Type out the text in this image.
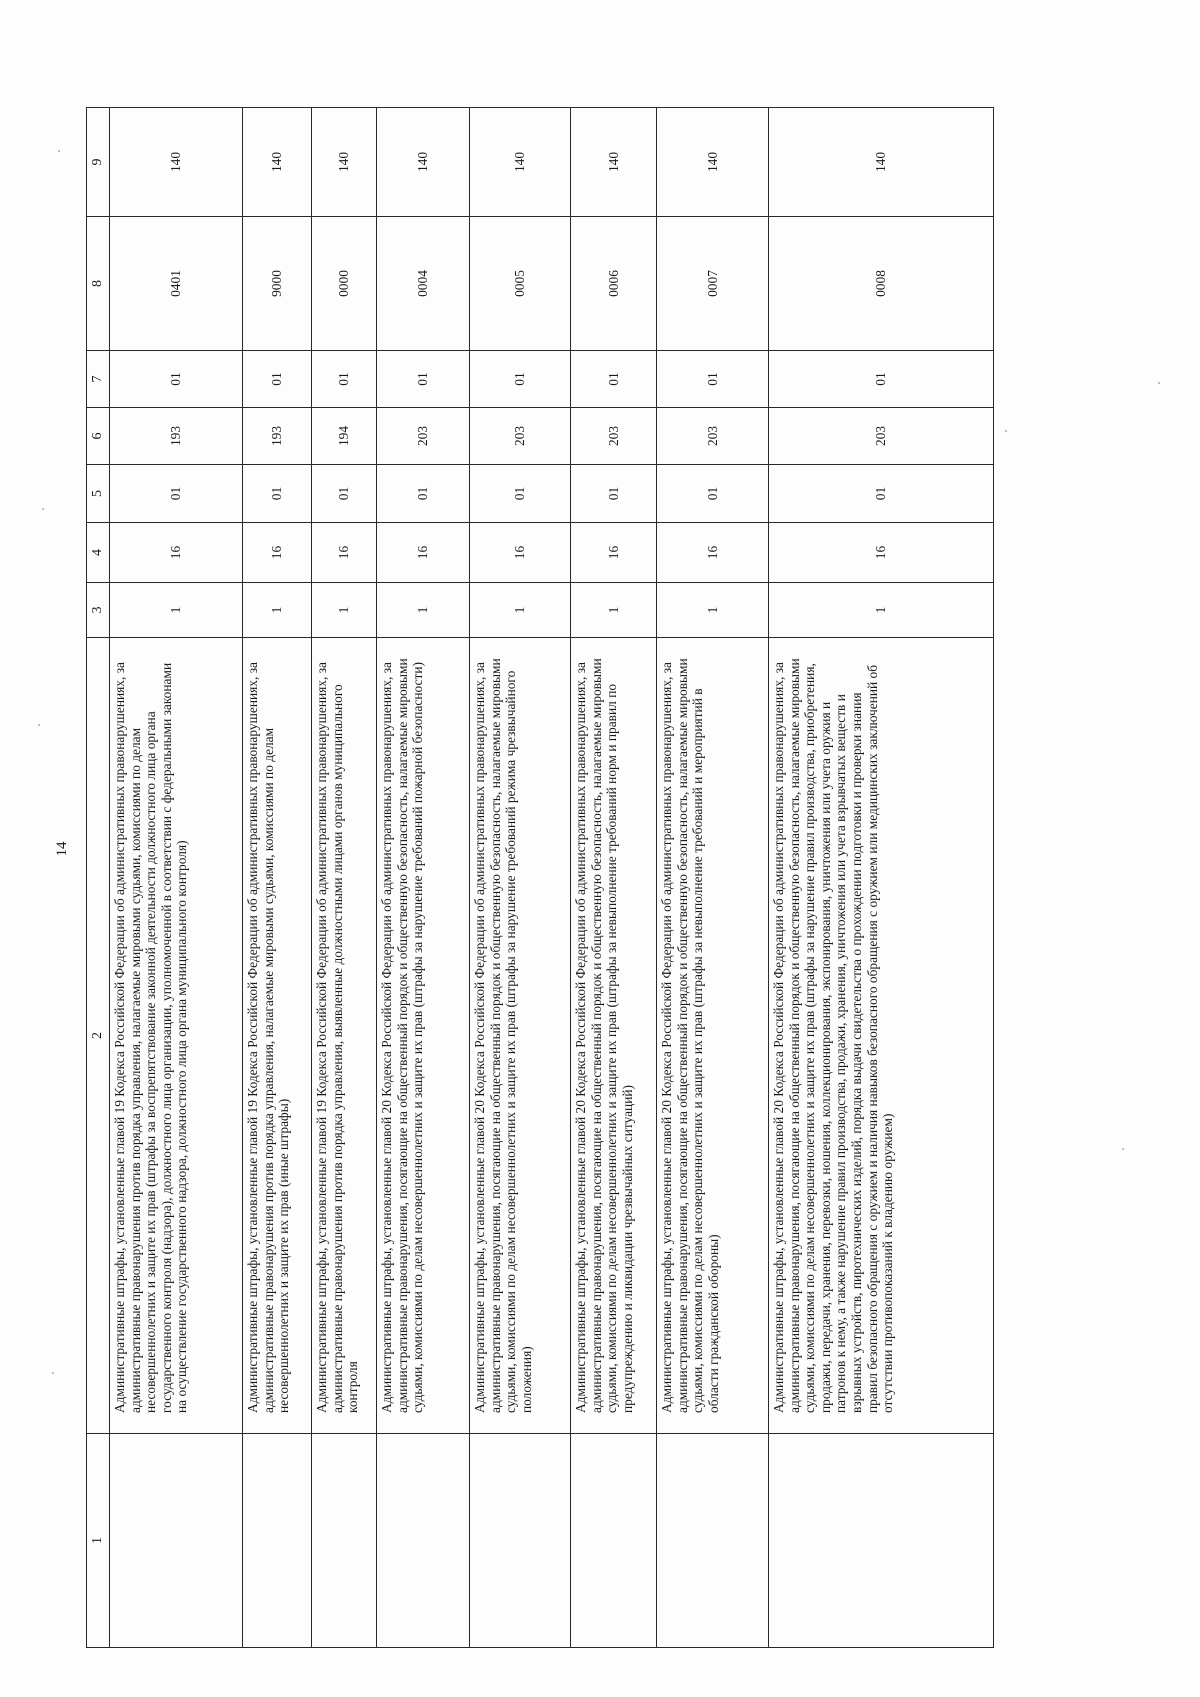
14
1	2	3	4	5	6	7	8	9
	Административные штрафы, установленные главой 19 Кодекса Российской Федерации об административных правонарушениях, за административные правонарушения против порядка управления, налагаемые мировыми судьями, комиссиями по делам несовершеннолетних и защите их прав (штрафы за воспрепятствование законной деятельности должностного лица органа государственного контроля (надзора), должностного лица организации, уполномоченной в соответствии с федеральными законами на осуществление государственного надзора, должностного лица органа муниципального контроля)	1	16	01	193	01	0401	140
	Административные штрафы, установленные главой 19 Кодекса Российской Федерации об административных правонарушениях, за административные правонарушения против порядка управления, налагаемые мировыми судьями, комиссиями по делам несовершеннолетних и защите их прав (иные штрафы)	1	16	01	193	01	9000	140
	Административные штрафы, установленные главой 19 Кодекса Российской Федерации об административных правонарушениях, за административные правонарушения против порядка управления, выявленные должностными лицами органов муниципального контроля	1	16	01	194	01	0000	140
	Административные штрафы, установленные главой 20 Кодекса Российской Федерации об административных правонарушениях, за административные правонарушения, посягающие на общественный порядок и общественную безопасность, налагаемые мировыми судьями, комиссиями по делам несовершеннолетних и защите их прав (штрафы за нарушение требований пожарной безопасности)	1	16	01	203	01	0004	140
	Административные штрафы, установленные главой 20 Кодекса Российской Федерации об административных правонарушениях, за административные правонарушения, посягающие на общественный порядок и общественную безопасность, налагаемые мировыми судьями, комиссиями по делам несовершеннолетних и защите их прав (штрафы за нарушение требований режима чрезвычайного положения)	1	16	01	203	01	0005	140
	Административные штрафы, установленные главой 20 Кодекса Российской Федерации об административных правонарушениях, за административные правонарушения, посягающие на общественный порядок и общественную безопасность, налагаемые мировыми судьями, комиссиями по делам несовершеннолетних и защите их прав (штрафы за невыполнение требований норм и правил по предупреждению и ликвидации чрезвычайных ситуаций)	1	16	01	203	01	0006	140
	Административные штрафы, установленные главой 20 Кодекса Российской Федерации об административных правонарушениях, за административные правонарушения, посягающие на общественный порядок и общественную безопасность, налагаемые мировыми судьями, комиссиями по делам несовершеннолетних и защите их прав (штрафы за невыполнение требований и мероприятий в области гражданской обороны)	1	16	01	203	01	0007	140
	Административные штрафы, установленные главой 20 Кодекса Российской Федерации об административных правонарушениях, за административные правонарушения, посягающие на общественный порядок и общественную безопасность, налагаемые мировыми судьями, комиссиями по делам несовершеннолетних и защите их прав (штрафы за нарушение правил производства, приобретения, продажи, передачи, хранения, перевозки, ношения, коллекционирования, экспонирования, уничтожения или учета оружия и патронов к нему, а также нарушение правил производства, продажи, хранения, уничтожения или учета взрывчатых веществ и взрывных устройств, пиротехнических изделий, порядка выдачи свидетельства о прохождении подготовки и проверки знания правил безопасного обращения с оружием и наличия навыков безопасного обращения с оружием или медицинских заключений об отсутствии противопоказаний к владению оружием)	1	16	01	203	01	0008	140
